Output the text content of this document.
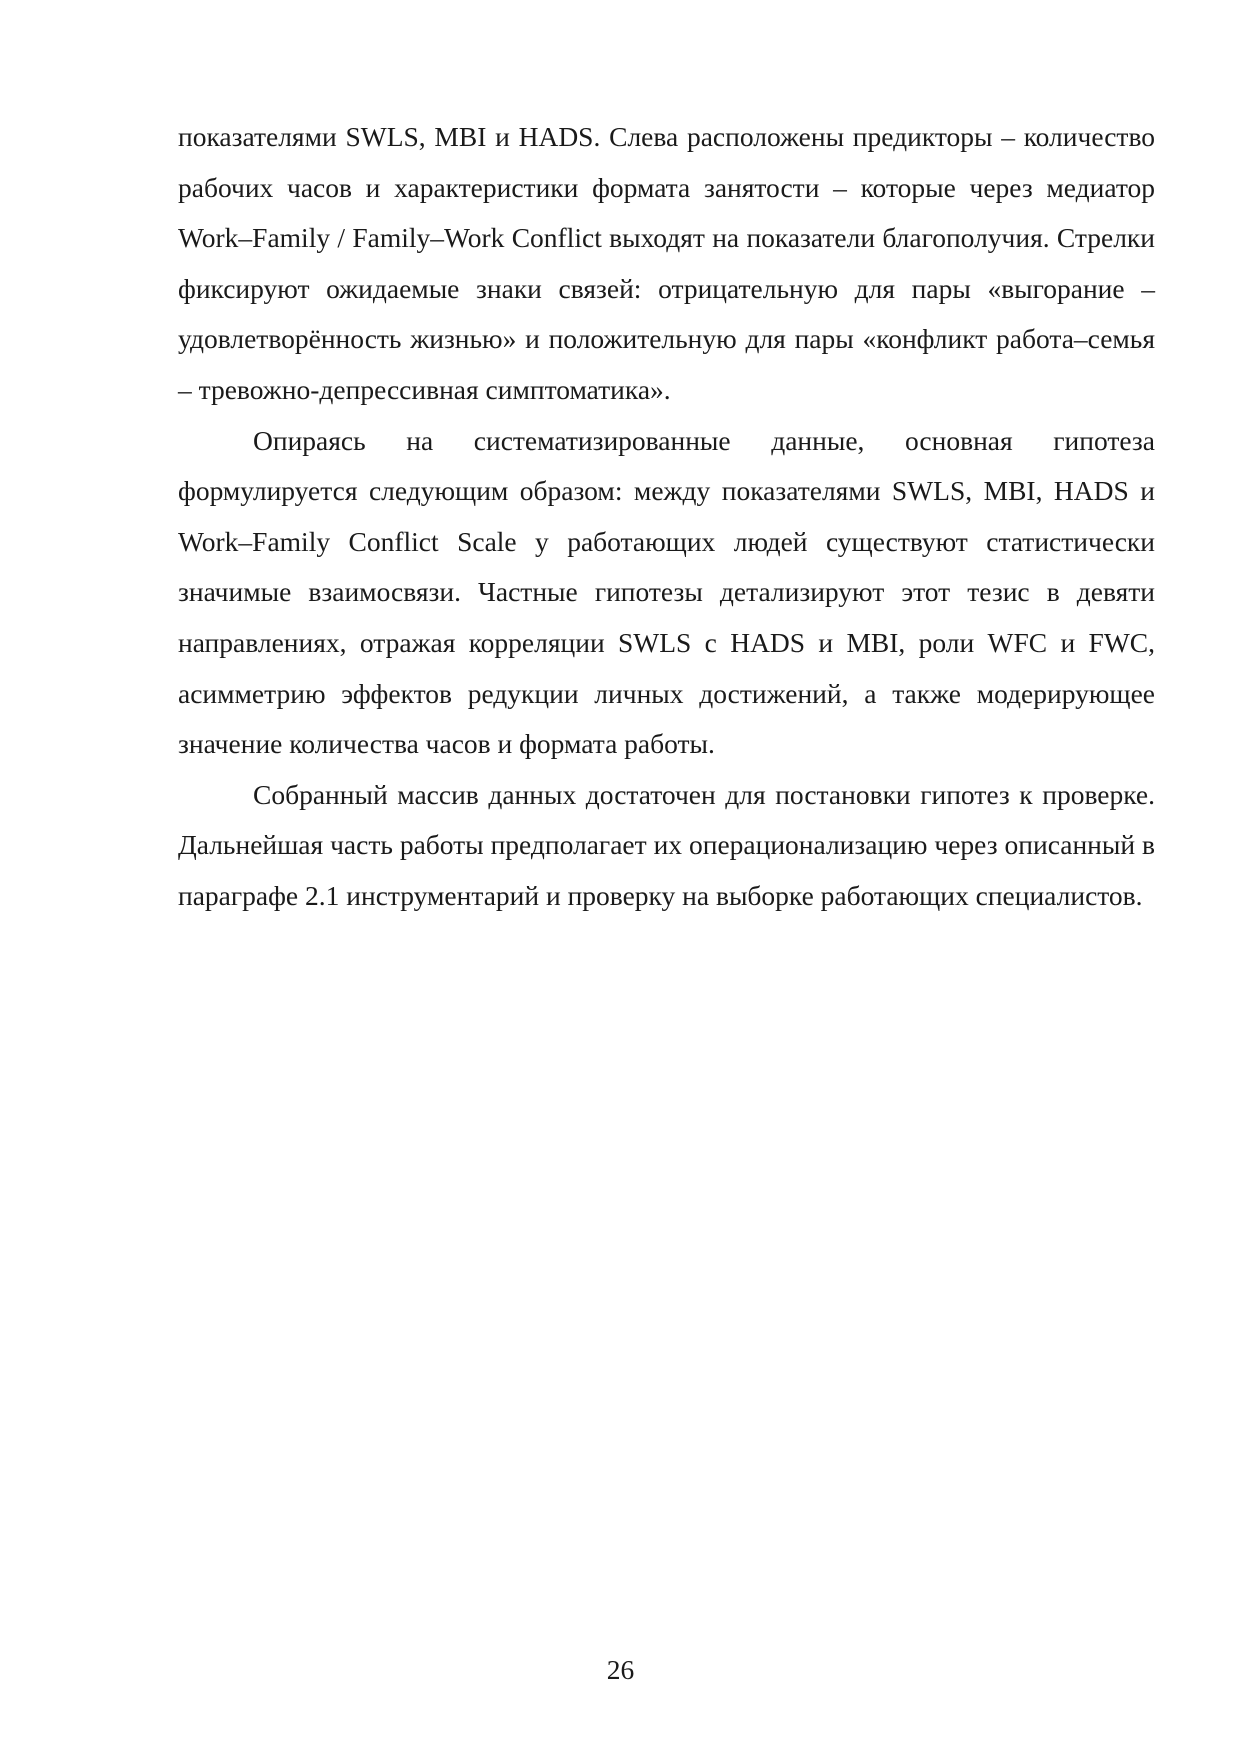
показателями SWLS, MBI и HADS. Слева расположены предикторы – количество рабочих часов и характеристики формата занятости – которые через медиатор Work–Family / Family–Work Conflict выходят на показатели благополучия. Стрелки фиксируют ожидаемые знаки связей: отрицательную для пары «выгорание – удовлетворённость жизнью» и положительную для пары «конфликт работа–семья – тревожно-депрессивная симптоматика».

Опираясь на систематизированные данные, основная гипотеза формулируется следующим образом: между показателями SWLS, MBI, HADS и Work–Family Conflict Scale у работающих людей существуют статистически значимые взаимосвязи. Частные гипотезы детализируют этот тезис в девяти направлениях, отражая корреляции SWLS с HADS и MBI, роли WFC и FWC, асимметрию эффектов редукции личных достижений, а также модерирующее значение количества часов и формата работы.

Собранный массив данных достаточен для постановки гипотез к проверке. Дальнейшая часть работы предполагает их операционализацию через описанный в параграфе 2.1 инструментарий и проверку на выборке работающих специалистов.

26
